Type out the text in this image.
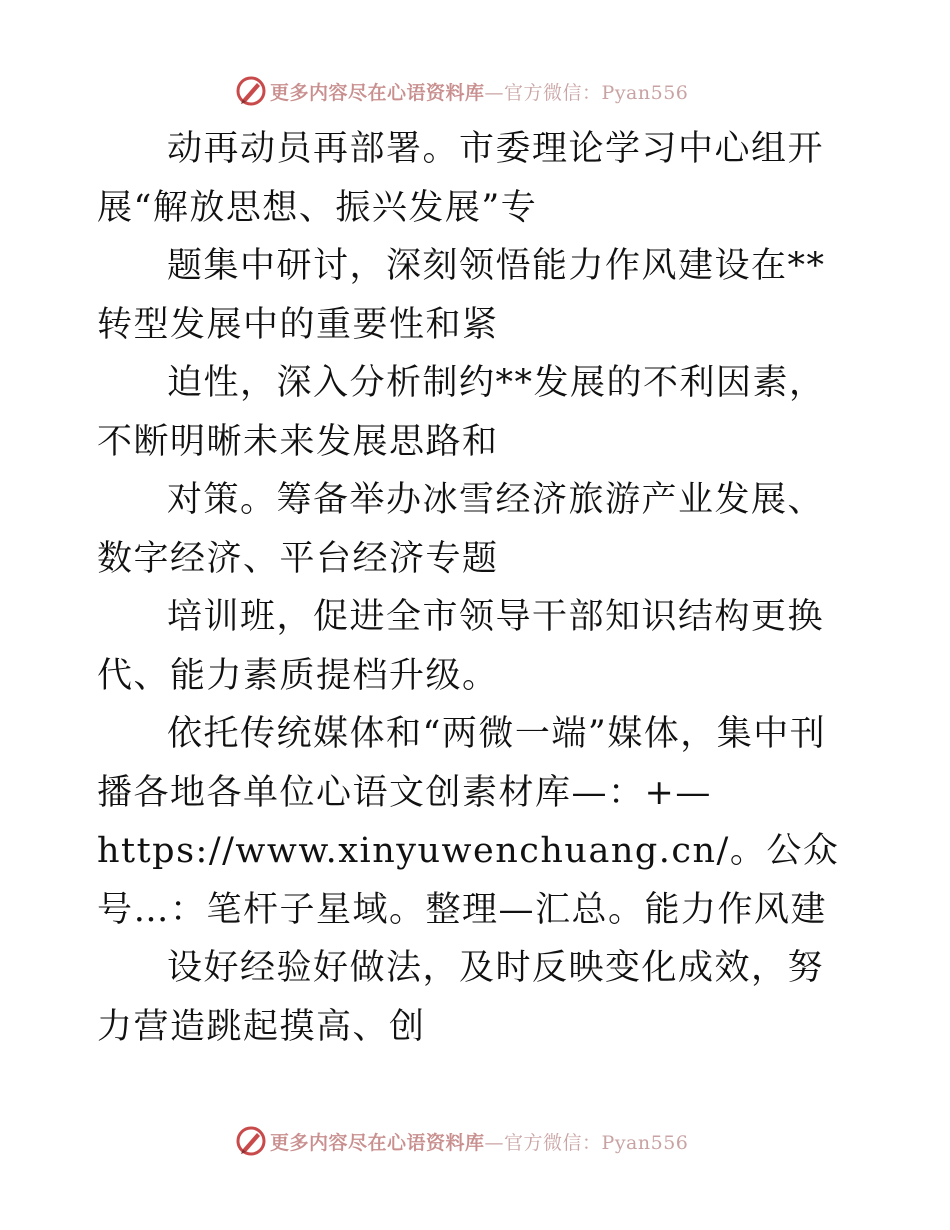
更多内容尽在心语资料库—官方微信：Pyan556

动再动员再部署。市委理论学习中心组开展“解放思想、振兴发展”专

题集中研讨，深刻领悟能力作风建设在**转型发展中的重要性和紧

迫性，深入分析制约**发展的不利因素，不断明晰未来发展思路和

对策。筹备举办冰雪经济旅游产业发展、数字经济、平台经济专题

培训班，促进全市领导干部知识结构更换代、能力素质提档升级。

依托传统媒体和“两微一端”媒体，集中刊播各地各单位心语文创素材库—：+—https://www.xinyuwenchuang.cn/。公众号…：笔杆子星域。整理—汇总。能力作风建

设好经验好做法，及时反映变化成效，努力营造跳起摸高、创

更多内容尽在心语资料库—官方微信：Pyan556
